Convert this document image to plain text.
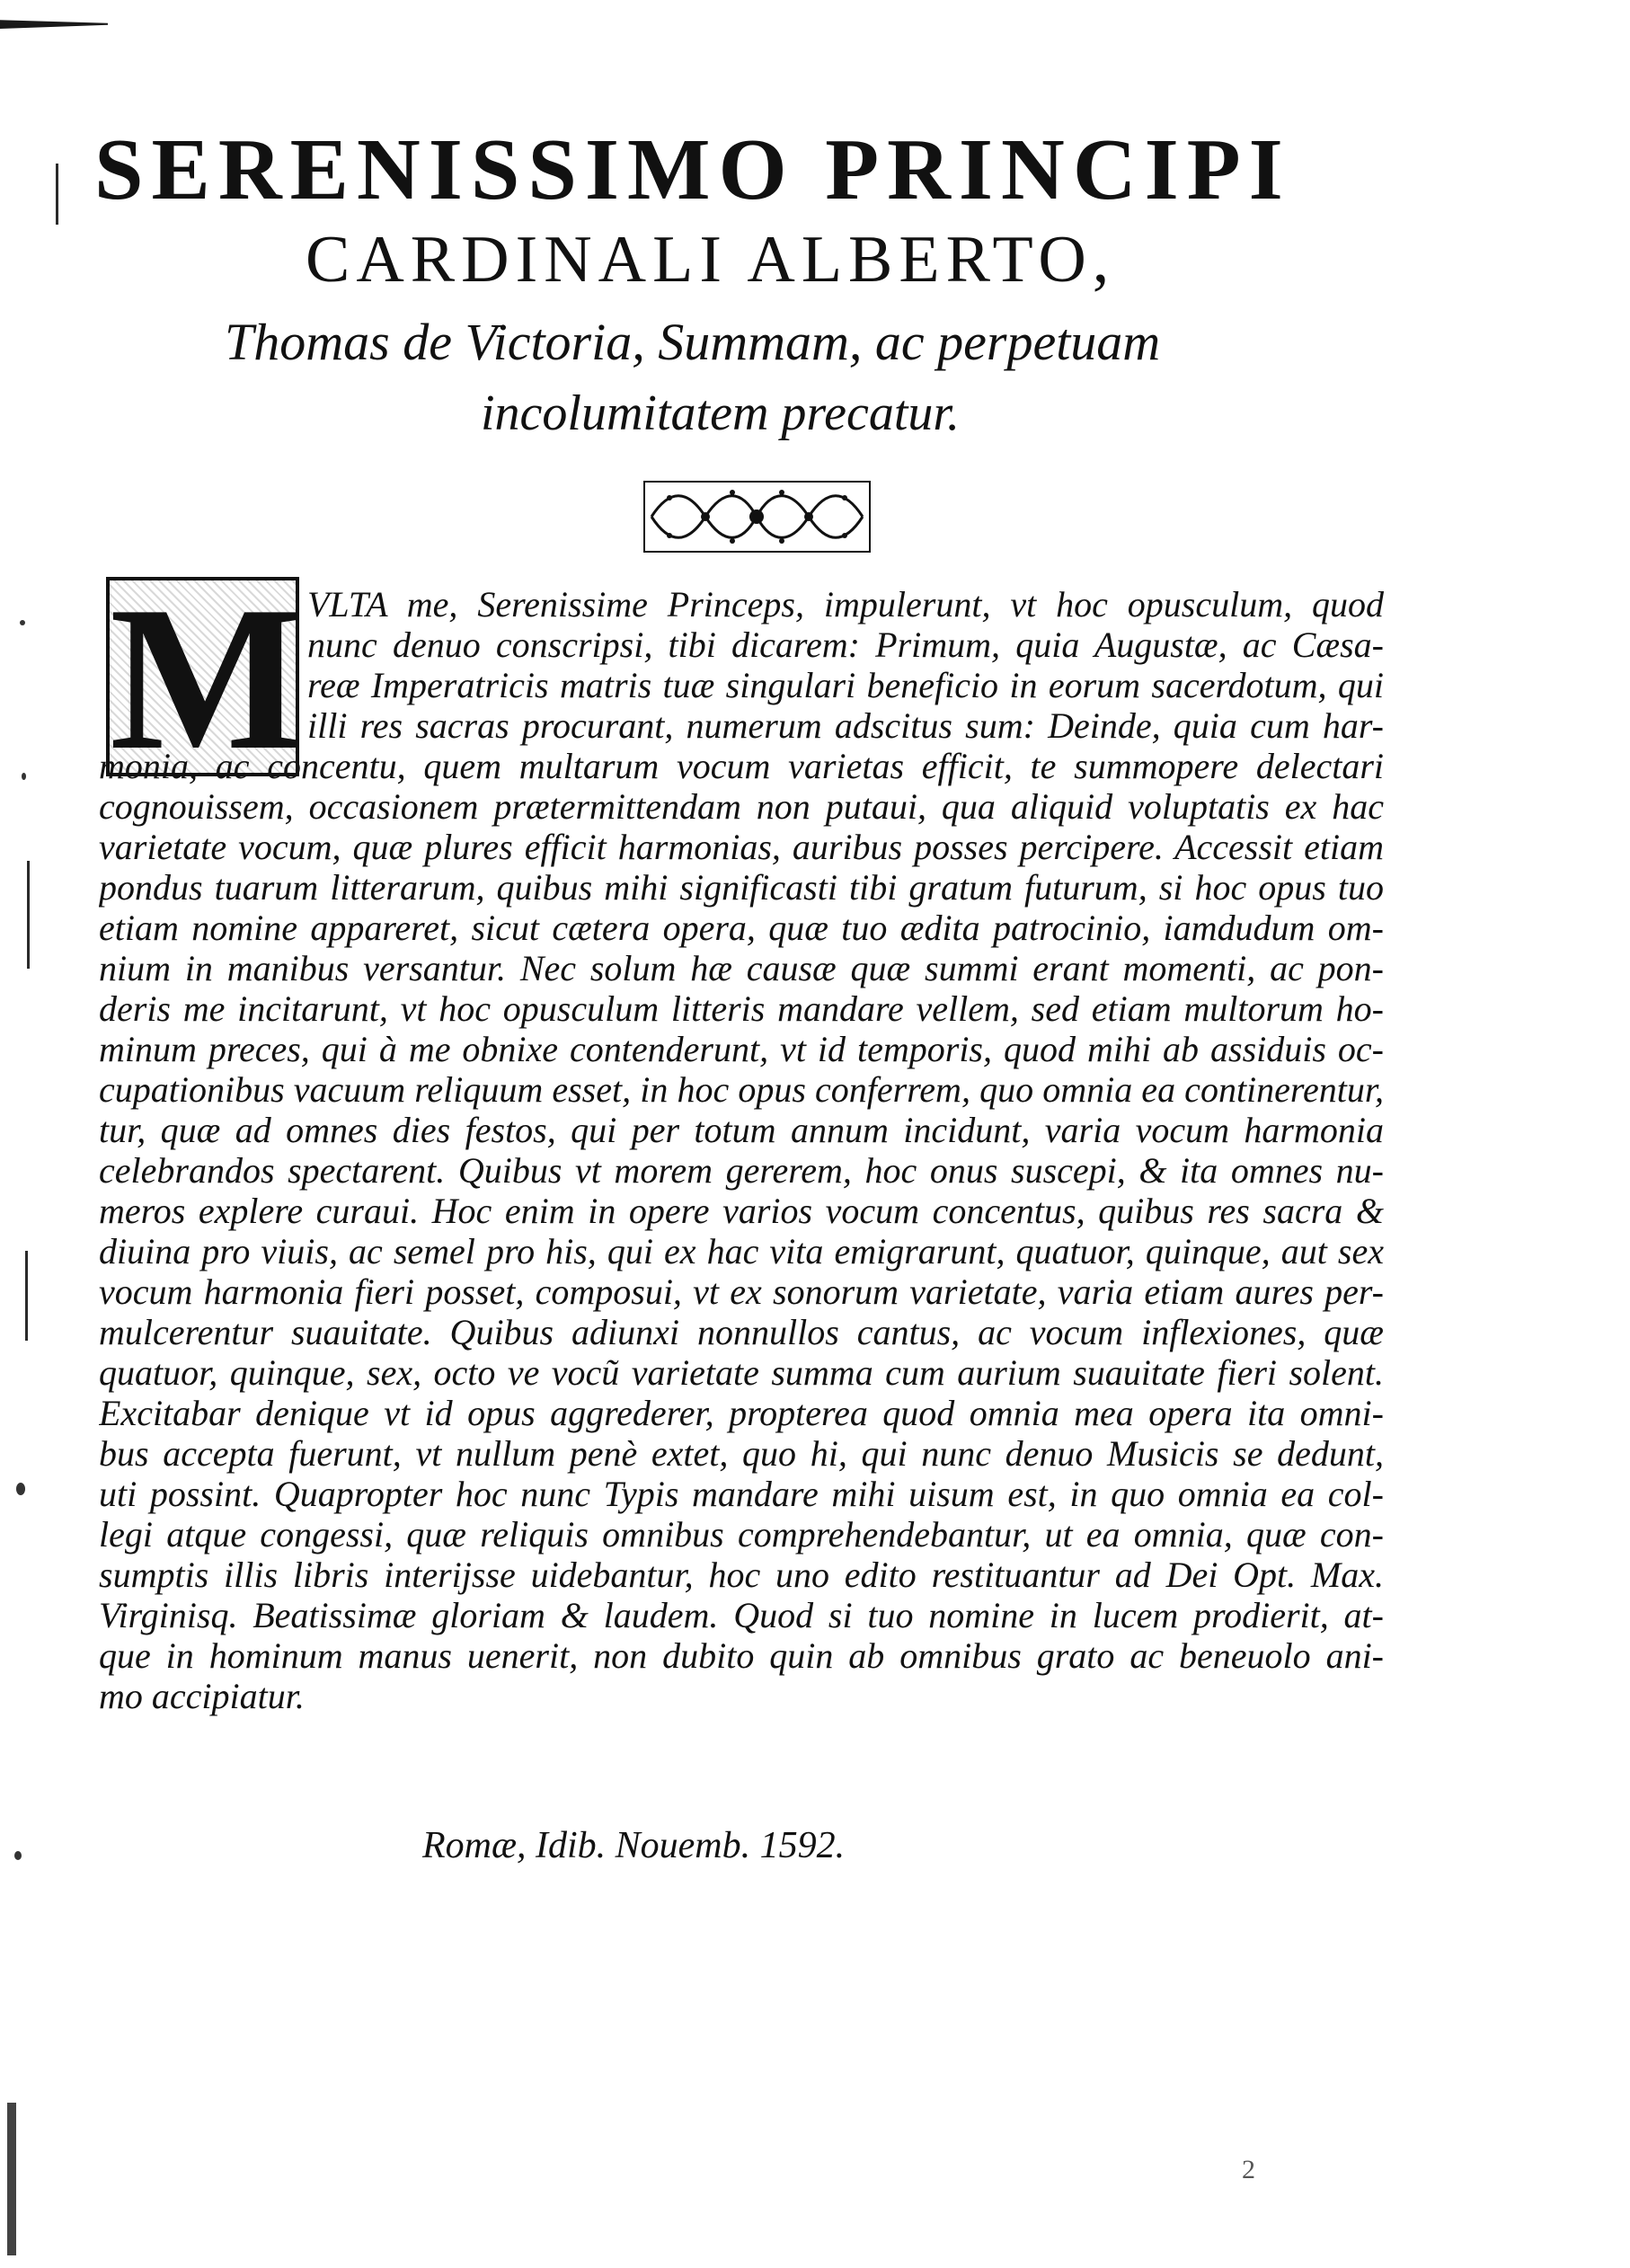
SERENISSIMO PRINCIPI
CARDINALI ALBERTO,
Thomas de Victoria, Summam, ac perpetuam
incolumitatem precatur.
M VLTA me, Serenissime Princeps, impulerunt, vt hoc opusculum, quod
nunc denuo conscripsi, tibi dicarem: Primum, quia Augustæ, ac Cæsa-
reæ Imperatricis matris tuæ singulari beneficio in eorum sacerdotum, qui
illi res sacras procurant, numerum adscitus sum: Deinde, quia cum har-
monia, ac concentu, quem multarum vocum varietas efficit, te summopere delectari
cognouissem, occasionem prætermittendam non putaui, qua aliquid voluptatis ex hac
varietate vocum, quæ plures efficit harmonias, auribus posses percipere. Accessit etiam
pondus tuarum litterarum, quibus mihi significasti tibi gratum futurum, si hoc opus tuo
etiam nomine appareret, sicut cætera opera, quæ tuo ædita patrocinio, iamdudum om-
nium in manibus versantur. Nec solum hæ causæ quæ summi erant momenti, ac pon-
deris me incitarunt, vt hoc opusculum litteris mandare vellem, sed etiam multorum ho-
minum preces, qui à me obnixe contenderunt, vt id temporis, quod mihi ab assiduis oc-
cupationibus vacuum reliquum esset, in hoc opus conferrem, quo omnia ea continerentur,
tur, quæ ad omnes dies festos, qui per totum annum incidunt, varia vocum harmonia
celebrandos spectarent. Quibus vt morem gererem, hoc onus suscepi, & ita omnes nu-
meros explere curaui. Hoc enim in opere varios vocum concentus, quibus res sacra &
diuina pro viuis, ac semel pro his, qui ex hac vita emigrarunt, quatuor, quinque, aut sex
vocum harmonia fieri posset, composui, vt ex sonorum varietate, varia etiam aures per-
mulcerentur suauitate. Quibus adiunxi nonnullos cantus, ac vocum inflexiones, quæ
quatuor, quinque, sex, octo ve vocũ varietate summa cum aurium suauitate fieri solent.
Excitabar denique vt id opus aggrederer, propterea quod omnia mea opera ita omni-
bus accepta fuerunt, vt nullum penè extet, quo hi, qui nunc denuo Musicis se dedunt,
uti possint. Quapropter hoc nunc Typis mandare mihi uisum est, in quo omnia ea col-
legi atque congessi, quæ reliquis omnibus comprehendebantur, ut ea omnia, quæ con-
sumptis illis libris interijsse uidebantur, hoc uno edito restituantur ad Dei Opt. Max.
Virginisq. Beatissimæ gloriam & laudem. Quod si tuo nomine in lucem prodierit, at-
que in hominum manus uenerit, non dubito quin ab omnibus grato ac beneuolo ani-
mo accipiatur.
Romæ, Idib. Nouemb. 1592.
2
